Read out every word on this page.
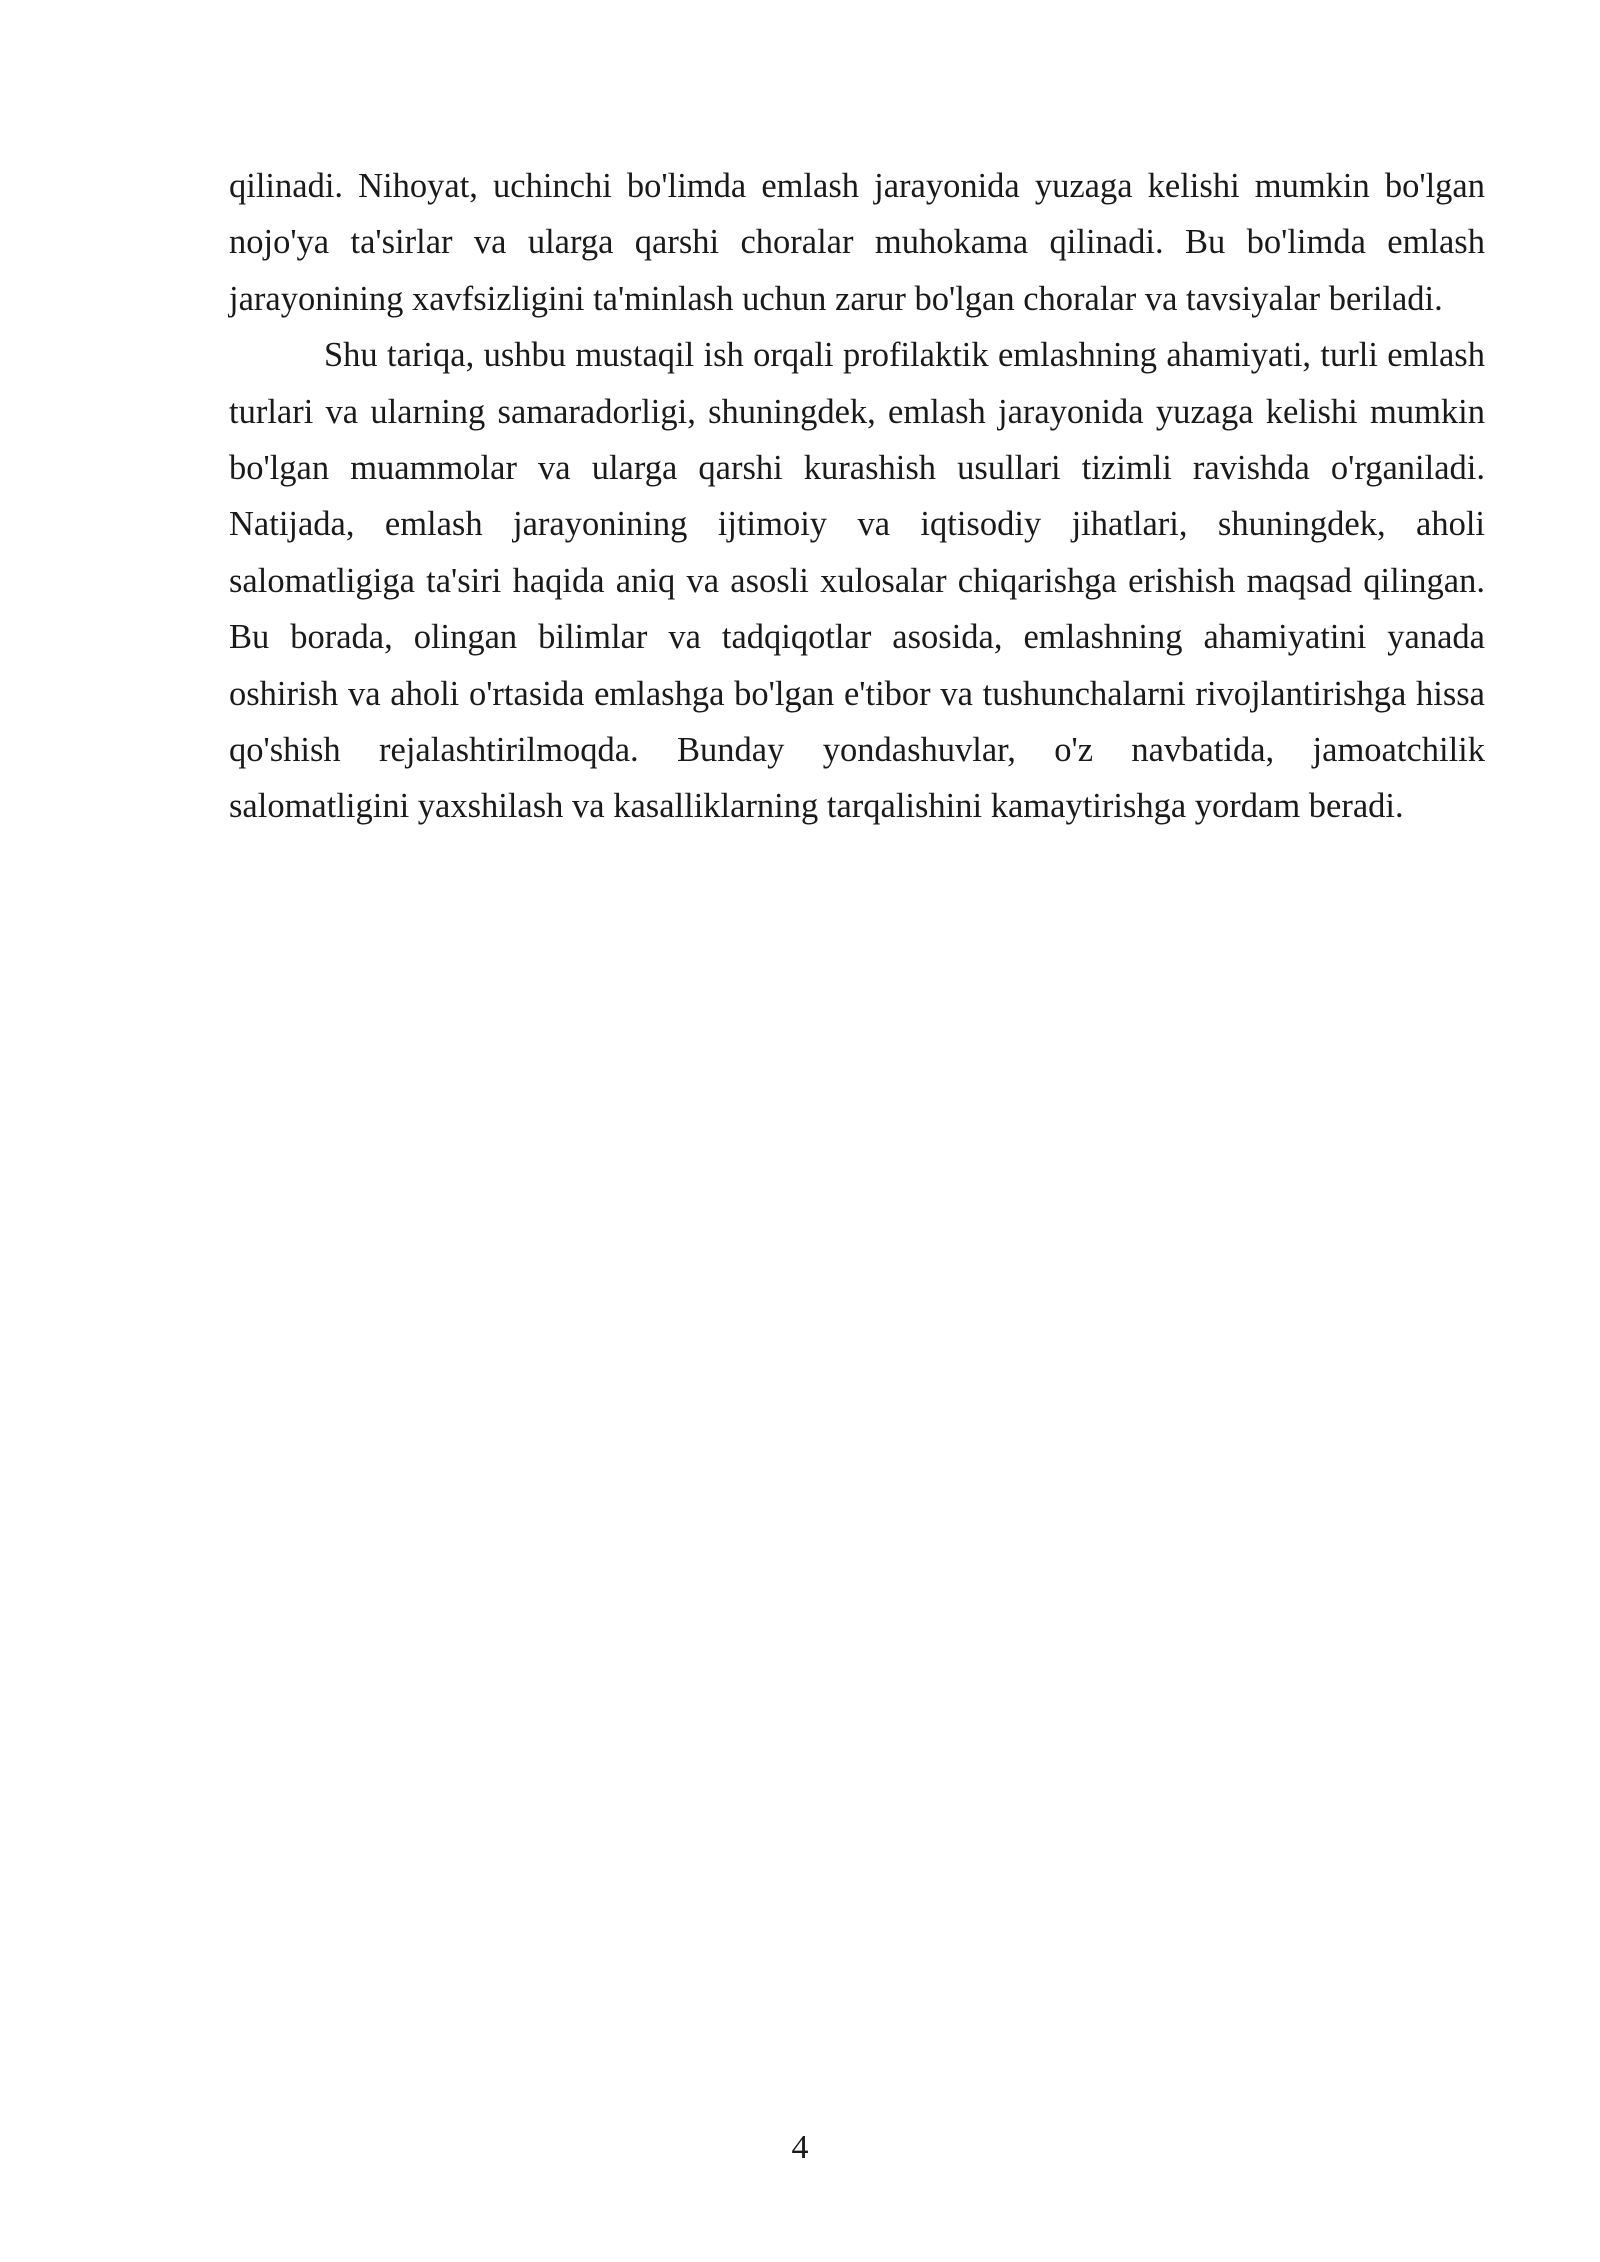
qilinadi. Nihoyat, uchinchi bo'limda emlash jarayonida yuzaga kelishi mumkin bo'lgan nojo'ya ta'sirlar va ularga qarshi choralar muhokama qilinadi. Bu bo'limda emlash jarayonining xavfsizligini ta'minlash uchun zarur bo'lgan choralar va tavsiyalar beriladi.

Shu tariqa, ushbu mustaqil ish orqali profilaktik emlashning ahamiyati, turli emlash turlari va ularning samaradorligi, shuningdek, emlash jarayonida yuzaga kelishi mumkin bo'lgan muammolar va ularga qarshi kurashish usullari tizimli ravishda o'rganiladi. Natijada, emlash jarayonining ijtimoiy va iqtisodiy jihatlari, shuningdek, aholi salomatligiga ta'siri haqida aniq va asosli xulosalar chiqarishga erishish maqsad qilingan. Bu borada, olingan bilimlar va tadqiqotlar asosida, emlashning ahamiyatini yanada oshirish va aholi o'rtasida emlashga bo'lgan e'tibor va tushunchalarni rivojlantirishga hissa qo'shish rejalashtirilmoqda. Bunday yondashuvlar, o'z navbatida, jamoatchilik salomatligini yaxshilash va kasalliklarning tarqalishini kamaytirishga yordam beradi.

4
